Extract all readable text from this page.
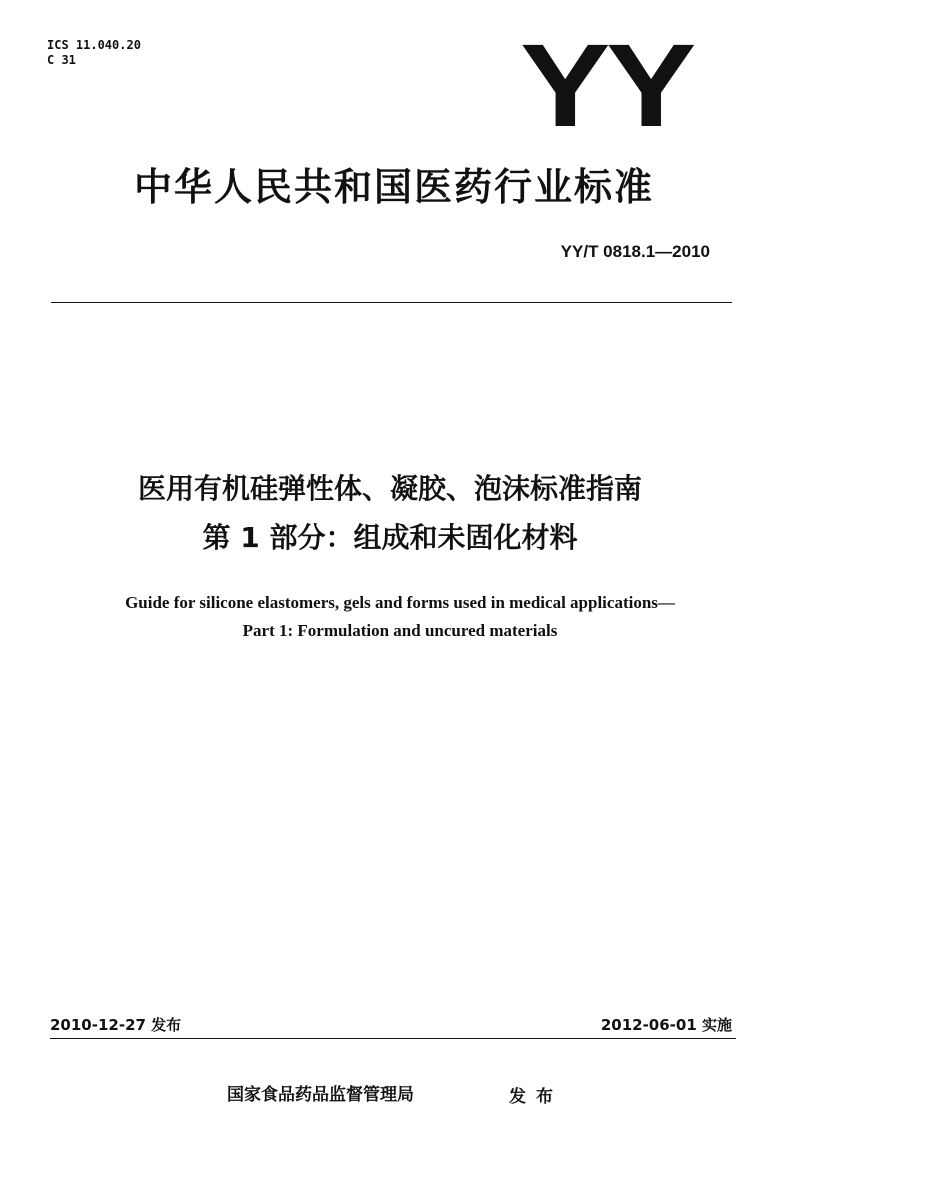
ICS 11.040.20
C 31	YY
中华人民共和国医药行业标准
YY/T 0818.1—2010
医用有机硅弹性体、凝胶、泡沫标准指南
第 1 部分：组成和未固化材料
Guide for silicone elastomers, gels and forms used in medical applications—
Part 1: Formulation and uncured materials
2010-12-27 发布	2012-06-01 实施
国家食品药品监督管理局	发布
